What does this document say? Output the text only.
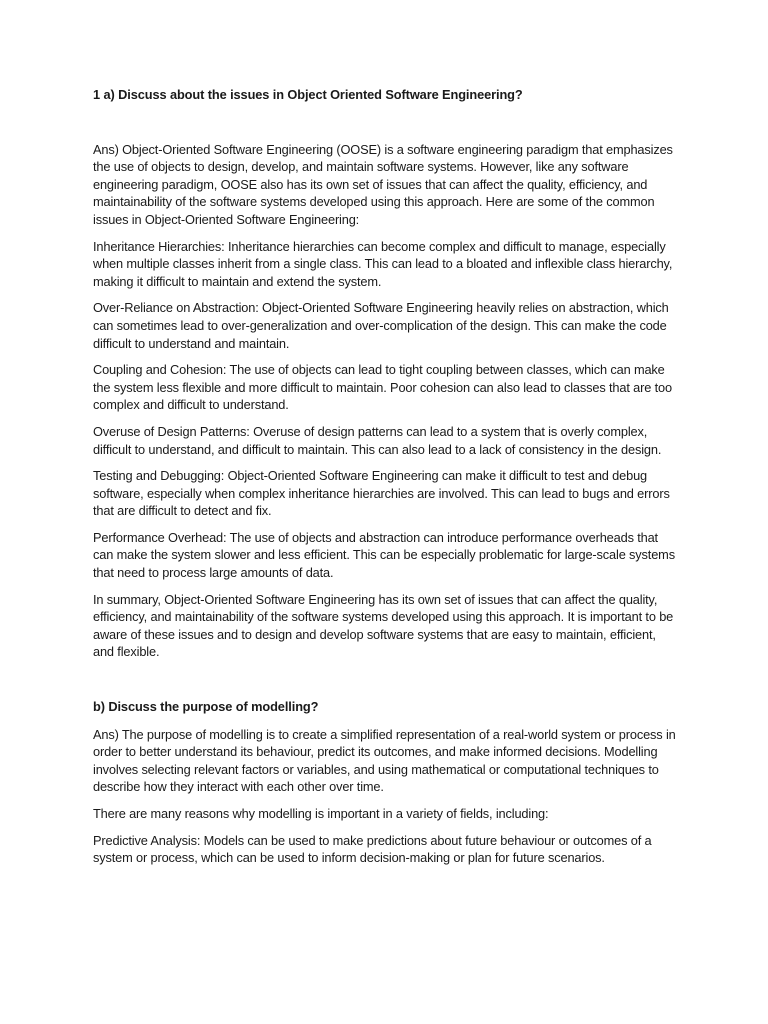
1 a) Discuss about the issues in Object Oriented Software Engineering?

Ans) Object-Oriented Software Engineering (OOSE) is a software engineering paradigm that emphasizes the use of objects to design, develop, and maintain software systems. However, like any software engineering paradigm, OOSE also has its own set of issues that can affect the quality, efficiency, and maintainability of the software systems developed using this approach. Here are some of the common issues in Object-Oriented Software Engineering:

Inheritance Hierarchies: Inheritance hierarchies can become complex and difficult to manage, especially when multiple classes inherit from a single class. This can lead to a bloated and inflexible class hierarchy, making it difficult to maintain and extend the system.

Over-Reliance on Abstraction: Object-Oriented Software Engineering heavily relies on abstraction, which can sometimes lead to over-generalization and over-complication of the design. This can make the code difficult to understand and maintain.

Coupling and Cohesion: The use of objects can lead to tight coupling between classes, which can make the system less flexible and more difficult to maintain. Poor cohesion can also lead to classes that are too complex and difficult to understand.

Overuse of Design Patterns: Overuse of design patterns can lead to a system that is overly complex, difficult to understand, and difficult to maintain. This can also lead to a lack of consistency in the design.

Testing and Debugging: Object-Oriented Software Engineering can make it difficult to test and debug software, especially when complex inheritance hierarchies are involved. This can lead to bugs and errors that are difficult to detect and fix.

Performance Overhead: The use of objects and abstraction can introduce performance overheads that can make the system slower and less efficient. This can be especially problematic for large-scale systems that need to process large amounts of data.

In summary, Object-Oriented Software Engineering has its own set of issues that can affect the quality, efficiency, and maintainability of the software systems developed using this approach. It is important to be aware of these issues and to design and develop software systems that are easy to maintain, efficient, and flexible.

b) Discuss the purpose of modelling?

Ans) The purpose of modelling is to create a simplified representation of a real-world system or process in order to better understand its behaviour, predict its outcomes, and make informed decisions. Modelling involves selecting relevant factors or variables, and using mathematical or computational techniques to describe how they interact with each other over time.

There are many reasons why modelling is important in a variety of fields, including:

Predictive Analysis: Models can be used to make predictions about future behaviour or outcomes of a system or process, which can be used to inform decision-making or plan for future scenarios.
